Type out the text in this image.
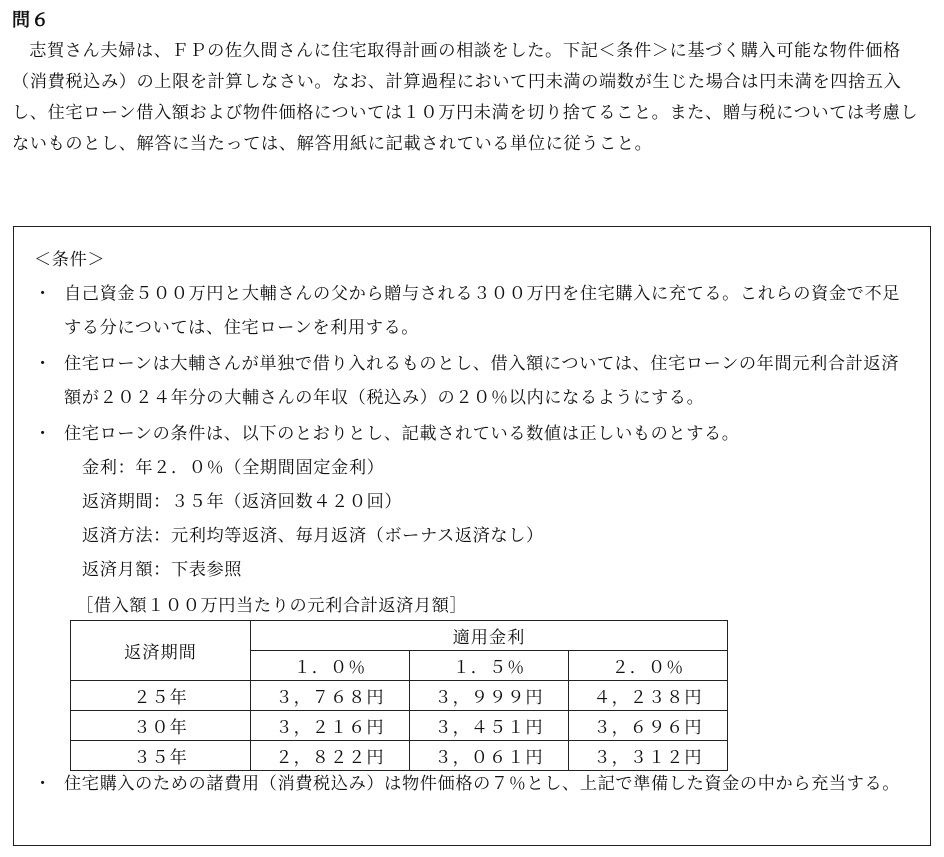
問６

志賀さん夫婦は、ＦＰの佐久間さんに住宅取得計画の相談をした。下記＜条件＞に基づく購入可能な物件価格（消費税込み）の上限を計算しなさい。なお、計算過程において円未満の端数が生じた場合は円未満を四捨五入し、住宅ローン借入額および物件価格については１０万円未満を切り捨てること。また、贈与税については考慮しないものとし、解答に当たっては、解答用紙に記載されている単位に従うこと。

＜条件＞
・ 自己資金５００万円と大輔さんの父から贈与される３００万円を住宅購入に充てる。これらの資金で不足する分については、住宅ローンを利用する。
・ 住宅ローンは大輔さんが単独で借り入れるものとし、借入額については、住宅ローンの年間元利合計返済額が２０２４年分の大輔さんの年収（税込み）の２０％以内になるようにする。
・ 住宅ローンの条件は、以下のとおりとし、記載されている数値は正しいものとする。
金利：年２．０％（全期間固定金利）
返済期間：３５年（返済回数４２０回）
返済方法：元利均等返済、毎月返済（ボーナス返済なし）
返済月額：下表参照
［借入額１００万円当たりの元利合計返済月額］
返済期間	適用金利		
	１．０％	１．５％	２．０％
２５年	３，７６８円	３，９９９円	４，２３８円
３０年	３，２１６円	３，４５１円	３，６９６円
３５年	２，８２２円	３，０６１円	３，３１２円
・ 住宅購入のための諸費用（消費税込み）は物件価格の７％とし、上記で準備した資金の中から充当する。
